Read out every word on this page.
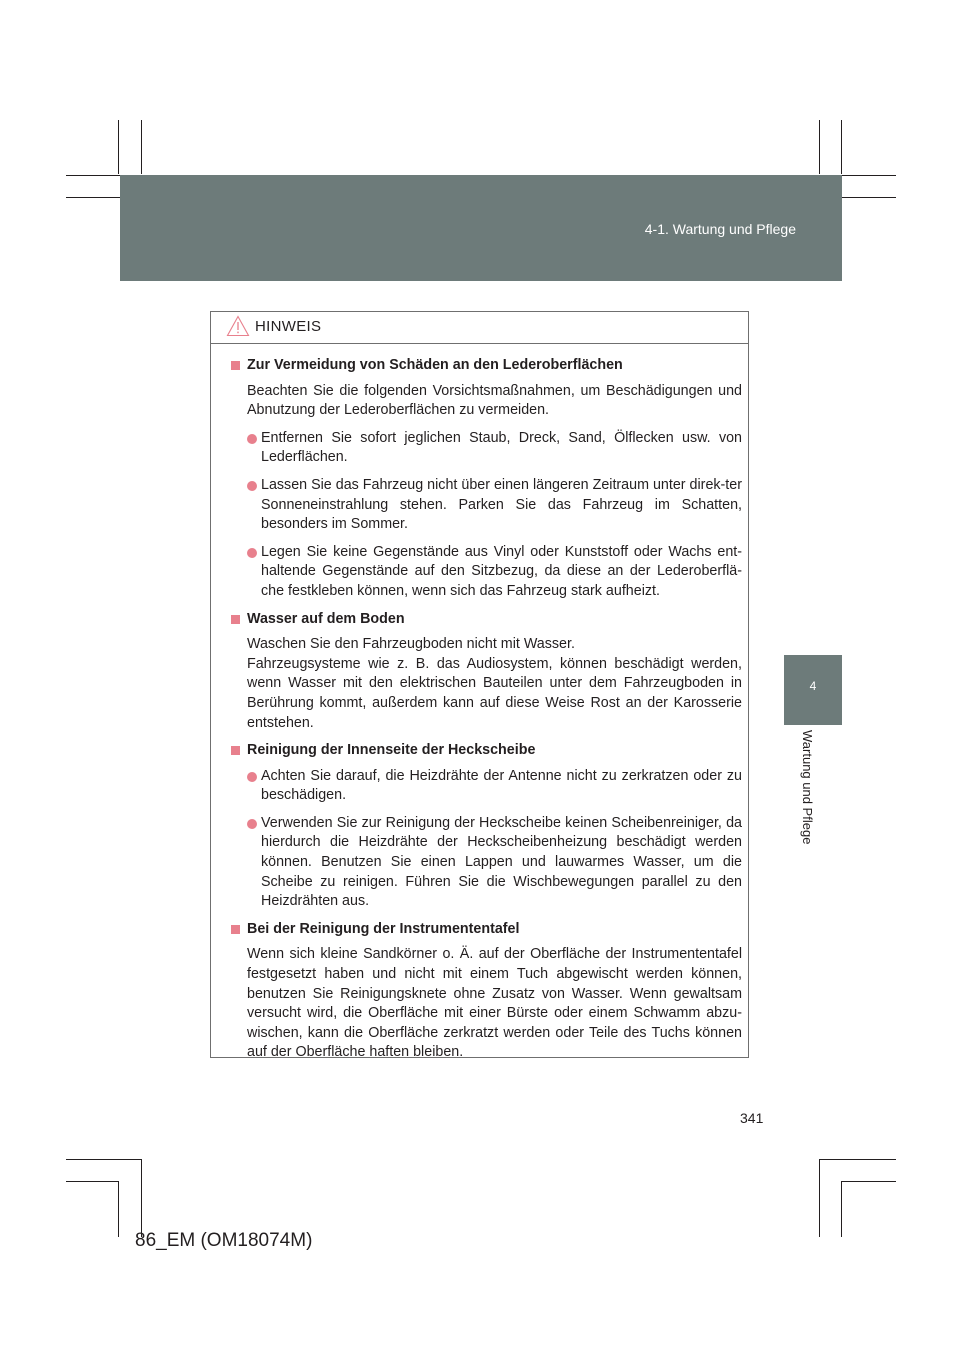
4-1. Wartung und Pflege
4
Wartung und Pflege
HINWEIS
Zur Vermeidung von Schäden an den Lederoberflächen
Beachten Sie die folgenden Vorsichtsmaßnahmen, um Beschädigungen und Abnutzung der Lederoberflächen zu vermeiden.
Entfernen Sie sofort jeglichen Staub, Dreck, Sand, Ölflecken usw. von Lederflächen.
Lassen Sie das Fahrzeug nicht über einen längeren Zeitraum unter direk-ter Sonneneinstrahlung stehen. Parken Sie das Fahrzeug im Schatten, besonders im Sommer.
Legen Sie keine Gegenstände aus Vinyl oder Kunststoff oder Wachs ent-haltende Gegenstände auf den Sitzbezug, da diese an der Lederoberflä-che festkleben können, wenn sich das Fahrzeug stark aufheizt.
Wasser auf dem Boden
Waschen Sie den Fahrzeugboden nicht mit Wasser.
Fahrzeugsysteme wie z. B. das Audiosystem, können beschädigt werden, wenn Wasser mit den elektrischen Bauteilen unter dem Fahrzeugboden in Berührung kommt, außerdem kann auf diese Weise Rost an der Karosserie entstehen.
Reinigung der Innenseite der Heckscheibe
Achten Sie darauf, die Heizdrähte der Antenne nicht zu zerkratzen oder zu beschädigen.
Verwenden Sie zur Reinigung der Heckscheibe keinen Scheibenreiniger, da hierdurch die Heizdrähte der Heckscheibenheizung beschädigt werden können. Benutzen Sie einen Lappen und lauwarmes Wasser, um die Scheibe zu reinigen. Führen Sie die Wischbewegungen parallel zu den Heizdrähten aus.
Bei der Reinigung der Instrumententafel
Wenn sich kleine Sandkörner o. Ä. auf der Oberfläche der Instrumententafel festgesetzt haben und nicht mit einem Tuch abgewischt werden können, benutzen Sie Reinigungsknete ohne Zusatz von Wasser. Wenn gewaltsam versucht wird, die Oberfläche mit einer Bürste oder einem Schwamm abzu-wischen, kann die Oberfläche zerkratzt werden oder Teile des Tuchs können auf der Oberfläche haften bleiben.
341
86_EM (OM18074M)
